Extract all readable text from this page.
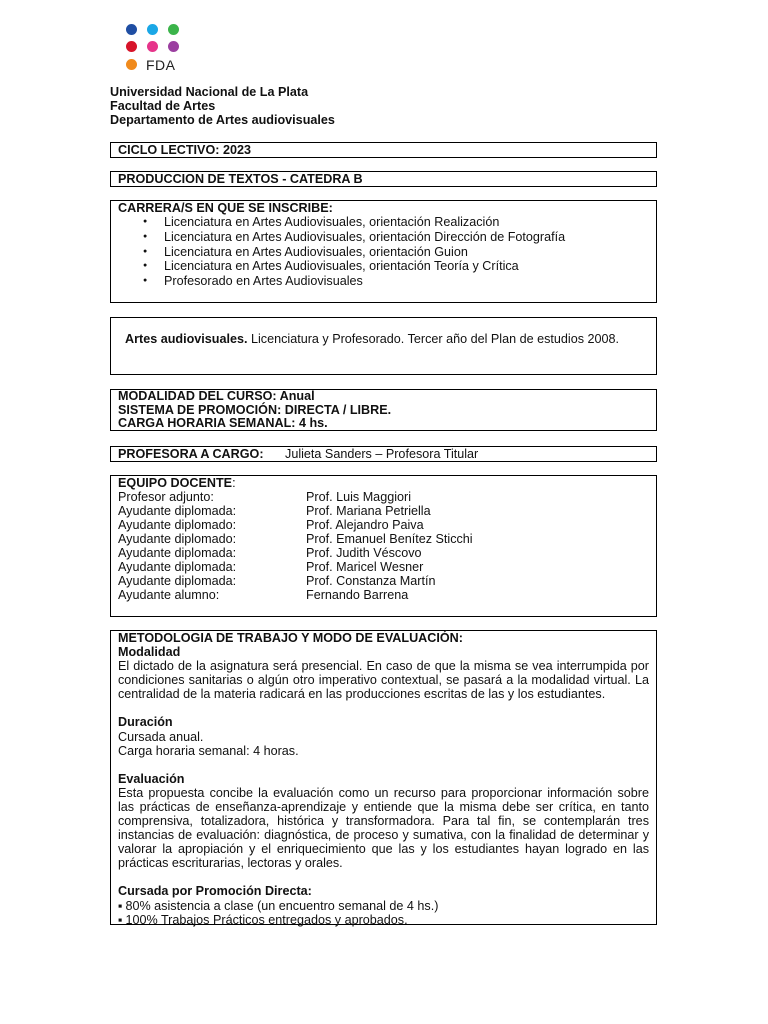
FDA
Universidad Nacional de La Plata
Facultad de Artes
Departamento de Artes audiovisuales
CICLO LECTIVO: 2023
PRODUCCION DE TEXTOS - CATEDRA B
CARRERA/S EN QUE SE INSCRIBE:
● Licenciatura en Artes Audiovisuales, orientación Realización
● Licenciatura en Artes Audiovisuales, orientación Dirección de Fotografía
● Licenciatura en Artes Audiovisuales, orientación Guion
● Licenciatura en Artes Audiovisuales, orientación Teoría y Crítica
● Profesorado en Artes Audiovisuales
Artes audiovisuales. Licenciatura y Profesorado. Tercer año del Plan de estudios 2008.
MODALIDAD DEL CURSO: Anual
SISTEMA DE PROMOCIÓN: DIRECTA / LIBRE.
CARGA HORARIA SEMANAL: 4 hs.
PROFESORA A CARGO: Julieta Sanders – Profesora Titular
EQUIPO DOCENTE:
Profesor adjunto:	Prof. Luis Maggiori
Ayudante diplomada:	Prof. Mariana Petriella
Ayudante diplomado:	Prof. Alejandro Paiva
Ayudante diplomado:	Prof. Emanuel Benítez Sticchi
Ayudante diplomada:	Prof. Judith Véscovo
Ayudante diplomada:	Prof. Maricel Wesner
Ayudante diplomada:	Prof. Constanza Martín
Ayudante alumno:	Fernando Barrena
METODOLOGIA DE TRABAJO Y MODO DE EVALUACIÓN:
Modalidad
El dictado de la asignatura será presencial. En caso de que la misma se vea interrumpida por condiciones sanitarias o algún otro imperativo contextual, se pasará a la modalidad virtual. La centralidad de la materia radicará en las producciones escritas de las y los estudiantes.
Duración
Cursada anual.
Carga horaria semanal: 4 horas.
Evaluación
Esta propuesta concibe la evaluación como un recurso para proporcionar información sobre las prácticas de enseñanza-aprendizaje y entiende que la misma debe ser crítica, en tanto comprensiva, totalizadora, histórica y transformadora. Para tal fin, se contemplarán tres instancias de evaluación: diagnóstica, de proceso y sumativa, con la finalidad de determinar y valorar la apropiación y el enriquecimiento que las y los estudiantes hayan logrado en las prácticas escriturarias, lectoras y orales.
Cursada por Promoción Directa:
▪ 80% asistencia a clase (un encuentro semanal de 4 hs.)
▪ 100% Trabajos Prácticos entregados y aprobados.
